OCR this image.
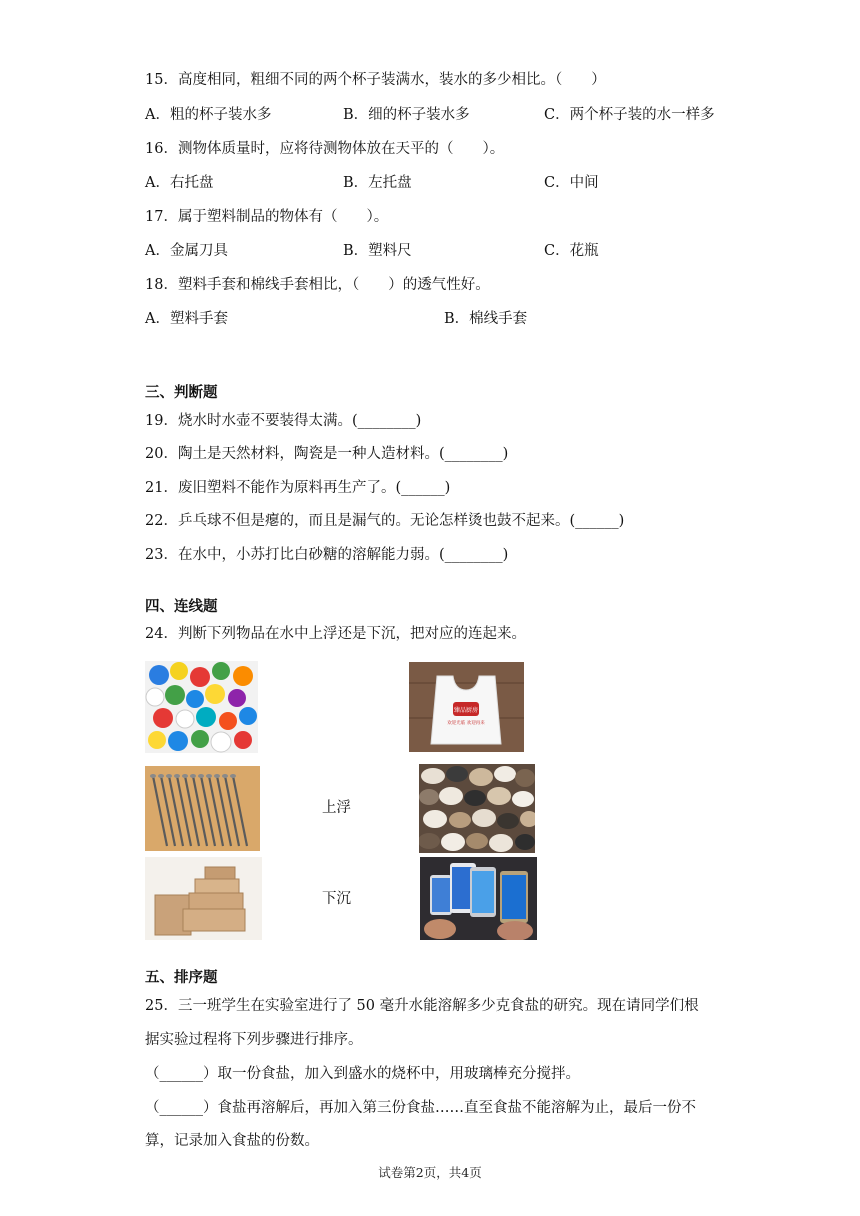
15．高度相同，粗细不同的两个杯子装满水，装水的多少相比。（　　）
A．粗的杯子装水多	B．细的杯子装水多	C．两个杯子装的水一样多
16．测物体质量时，应将待测物体放在天平的（　　）。
A．右托盘	B．左托盘	C．中间
17．属于塑料制品的物体有（　　）。
A．金属刀具	B．塑料尺	C．花瓶
18．塑料手套和棉线手套相比，（　　）的透气性好。
A．塑料手套	B．棉线手套
三、判断题
19．烧水时水壶不要装得太满。(________)
20．陶土是天然材料，陶瓷是一种人造材料。(________)
21．废旧塑料不能作为原料再生产了。(______)
22．乒乓球不但是瘪的，而且是漏气的。无论怎样烫也鼓不起来。(______)
23．在水中，小苏打比白砂糖的溶解能力弱。(________)
四、连线题
24．判断下列物品在水中上浮还是下沉，把对应的连起来。
臻品厨房
欢迎光临 欢迎再来
上浮
下沉
五、排序题
25．三一班学生在实验室进行了 50 毫升水能溶解多少克食盐的研究。现在请同学们根
据实验过程将下列步骤进行排序。
（______）取一份食盐，加入到盛水的烧杯中，用玻璃棒充分搅拌。
（______）食盐再溶解后，再加入第三份食盐……直至食盐不能溶解为止，最后一份不
算，记录加入食盐的份数。
试卷第2页，共4页
